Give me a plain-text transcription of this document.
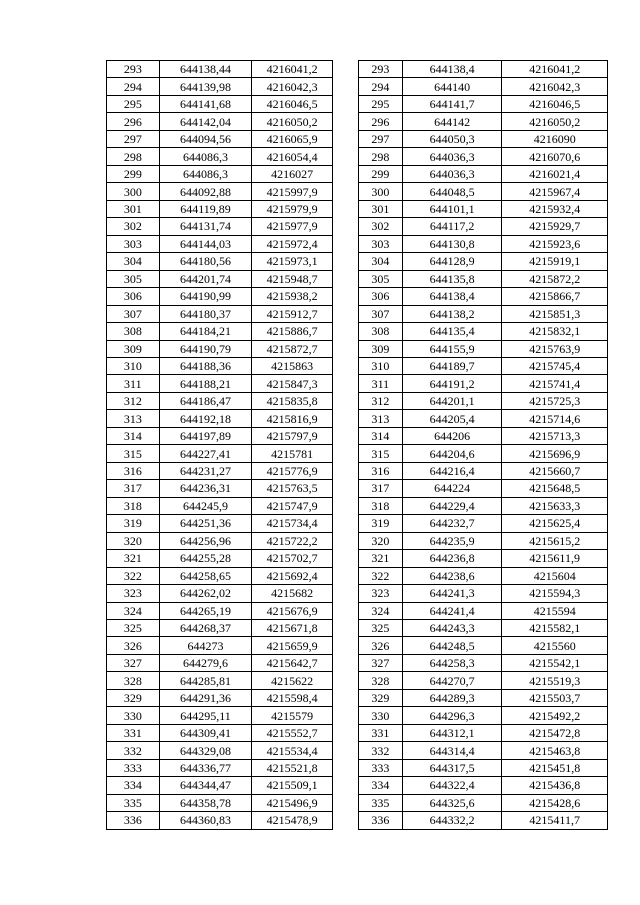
293	644138,44	4216041,2
294	644139,98	4216042,3
295	644141,68	4216046,5
296	644142,04	4216050,2
297	644094,56	4216065,9
298	644086,3	4216054,4
299	644086,3	4216027
300	644092,88	4215997,9
301	644119,89	4215979,9
302	644131,74	4215977,9
303	644144,03	4215972,4
304	644180,56	4215973,1
305	644201,74	4215948,7
306	644190,99	4215938,2
307	644180,37	4215912,7
308	644184,21	4215886,7
309	644190,79	4215872,7
310	644188,36	4215863
311	644188,21	4215847,3
312	644186,47	4215835,8
313	644192,18	4215816,9
314	644197,89	4215797,9
315	644227,41	4215781
316	644231,27	4215776,9
317	644236,31	4215763,5
318	644245,9	4215747,9
319	644251,36	4215734,4
320	644256,96	4215722,2
321	644255,28	4215702,7
322	644258,65	4215692,4
323	644262,02	4215682
324	644265,19	4215676,9
325	644268,37	4215671,8
326	644273	4215659,9
327	644279,6	4215642,7
328	644285,81	4215622
329	644291,36	4215598,4
330	644295,11	4215579
331	644309,41	4215552,7
332	644329,08	4215534,4
333	644336,77	4215521,8
334	644344,47	4215509,1
335	644358,78	4215496,9
336	644360,83	4215478,9
293	644138,4	4216041,2
294	644140	4216042,3
295	644141,7	4216046,5
296	644142	4216050,2
297	644050,3	4216090
298	644036,3	4216070,6
299	644036,3	4216021,4
300	644048,5	4215967,4
301	644101,1	4215932,4
302	644117,2	4215929,7
303	644130,8	4215923,6
304	644128,9	4215919,1
305	644135,8	4215872,2
306	644138,4	4215866,7
307	644138,2	4215851,3
308	644135,4	4215832,1
309	644155,9	4215763,9
310	644189,7	4215745,4
311	644191,2	4215741,4
312	644201,1	4215725,3
313	644205,4	4215714,6
314	644206	4215713,3
315	644204,6	4215696,9
316	644216,4	4215660,7
317	644224	4215648,5
318	644229,4	4215633,3
319	644232,7	4215625,4
320	644235,9	4215615,2
321	644236,8	4215611,9
322	644238,6	4215604
323	644241,3	4215594,3
324	644241,4	4215594
325	644243,3	4215582,1
326	644248,5	4215560
327	644258,3	4215542,1
328	644270,7	4215519,3
329	644289,3	4215503,7
330	644296,3	4215492,2
331	644312,1	4215472,8
332	644314,4	4215463,8
333	644317,5	4215451,8
334	644322,4	4215436,8
335	644325,6	4215428,6
336	644332,2	4215411,7
